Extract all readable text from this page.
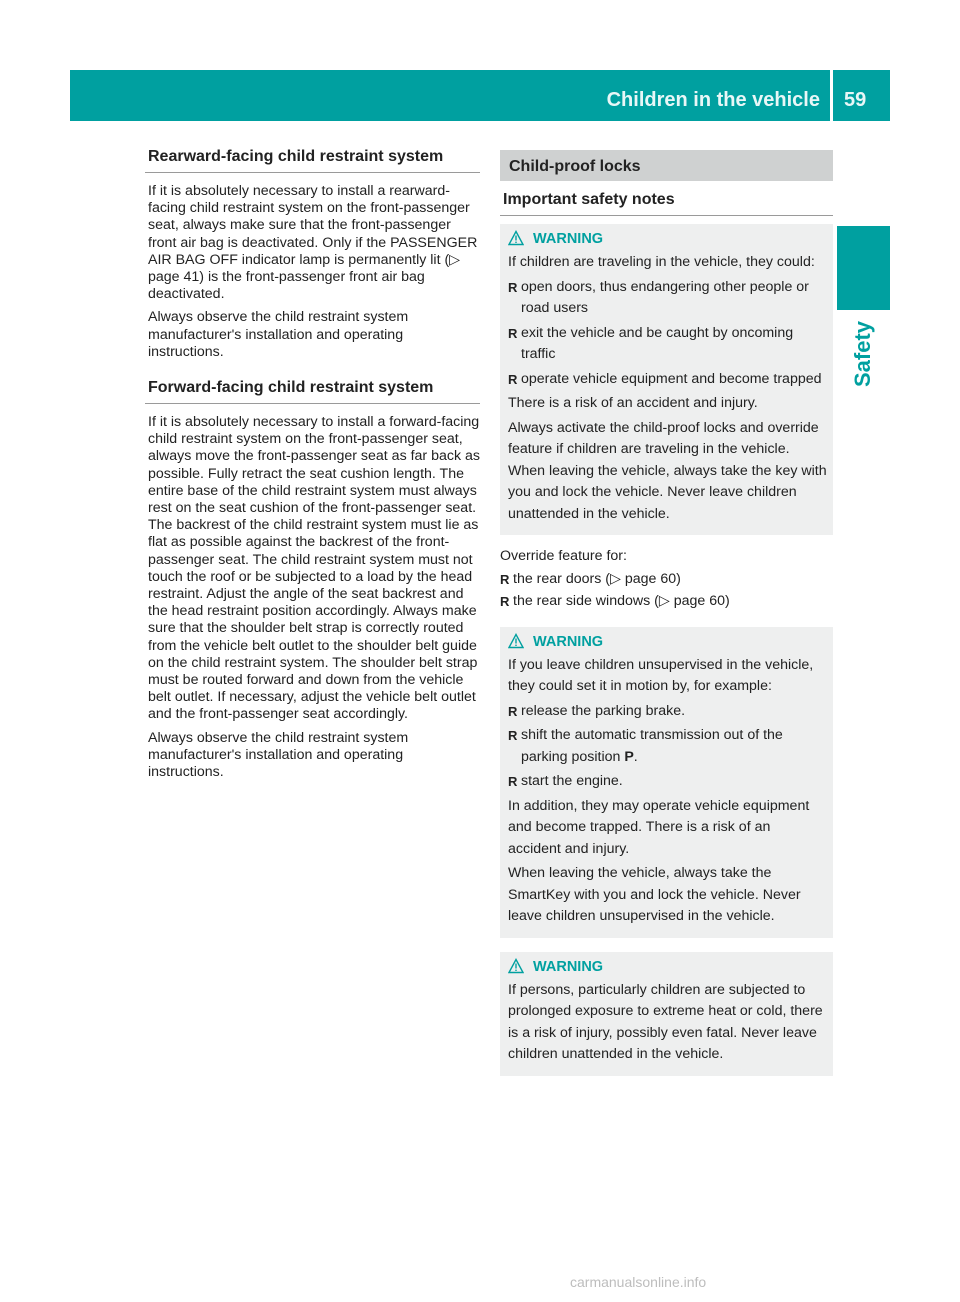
Children in the vehicle 59
Safety
Rearward-facing child restraint system

If it is absolutely necessary to install a rearward-facing child restraint system on the front-passenger seat, always make sure that the front-passenger front air bag is deactivated. Only if the PASSENGER AIR BAG OFF indicator lamp is permanently lit (▷ page 41) is the front-passenger front air bag deactivated.

Always observe the child restraint system manufacturer's installation and operating instructions.

Forward-facing child restraint system

If it is absolutely necessary to install a forward-facing child restraint system on the front-passenger seat, always move the front-passenger seat as far back as possible. Fully retract the seat cushion length. The entire base of the child restraint system must always rest on the seat cushion of the front-passenger seat. The backrest of the child restraint system must lie as flat as possible against the backrest of the front-passenger seat. The child restraint system must not touch the roof or be subjected to a load by the head restraint. Adjust the angle of the seat backrest and the head restraint position accordingly. Always make sure that the shoulder belt strap is correctly routed from the vehicle belt outlet to the shoulder belt guide on the child restraint system. The shoulder belt strap must be routed forward and down from the vehicle belt outlet. If necessary, adjust the vehicle belt outlet and the front-passenger seat accordingly.

Always observe the child restraint system manufacturer's installation and operating instructions.

Child-proof locks
Important safety notes
WARNING
If children are traveling in the vehicle, they could:
R open doors, thus endangering other people or road users
R exit the vehicle and be caught by oncoming traffic
R operate vehicle equipment and become trapped
There is a risk of an accident and injury.
Always activate the child-proof locks and override feature if children are traveling in the vehicle. When leaving the vehicle, always take the key with you and lock the vehicle. Never leave children unattended in the vehicle.
Override feature for:
R the rear doors (▷ page 60)
R the rear side windows (▷ page 60)
WARNING
If you leave children unsupervised in the vehicle, they could set it in motion by, for example:
R release the parking brake.
R shift the automatic transmission out of the parking position P.
R start the engine.
In addition, they may operate vehicle equipment and become trapped. There is a risk of an accident and injury.
When leaving the vehicle, always take the SmartKey with you and lock the vehicle. Never leave children unsupervised in the vehicle.
WARNING
If persons, particularly children are subjected to prolonged exposure to extreme heat or cold, there is a risk of injury, possibly even fatal. Never leave children unattended in the vehicle.
carmanualsonline.info
